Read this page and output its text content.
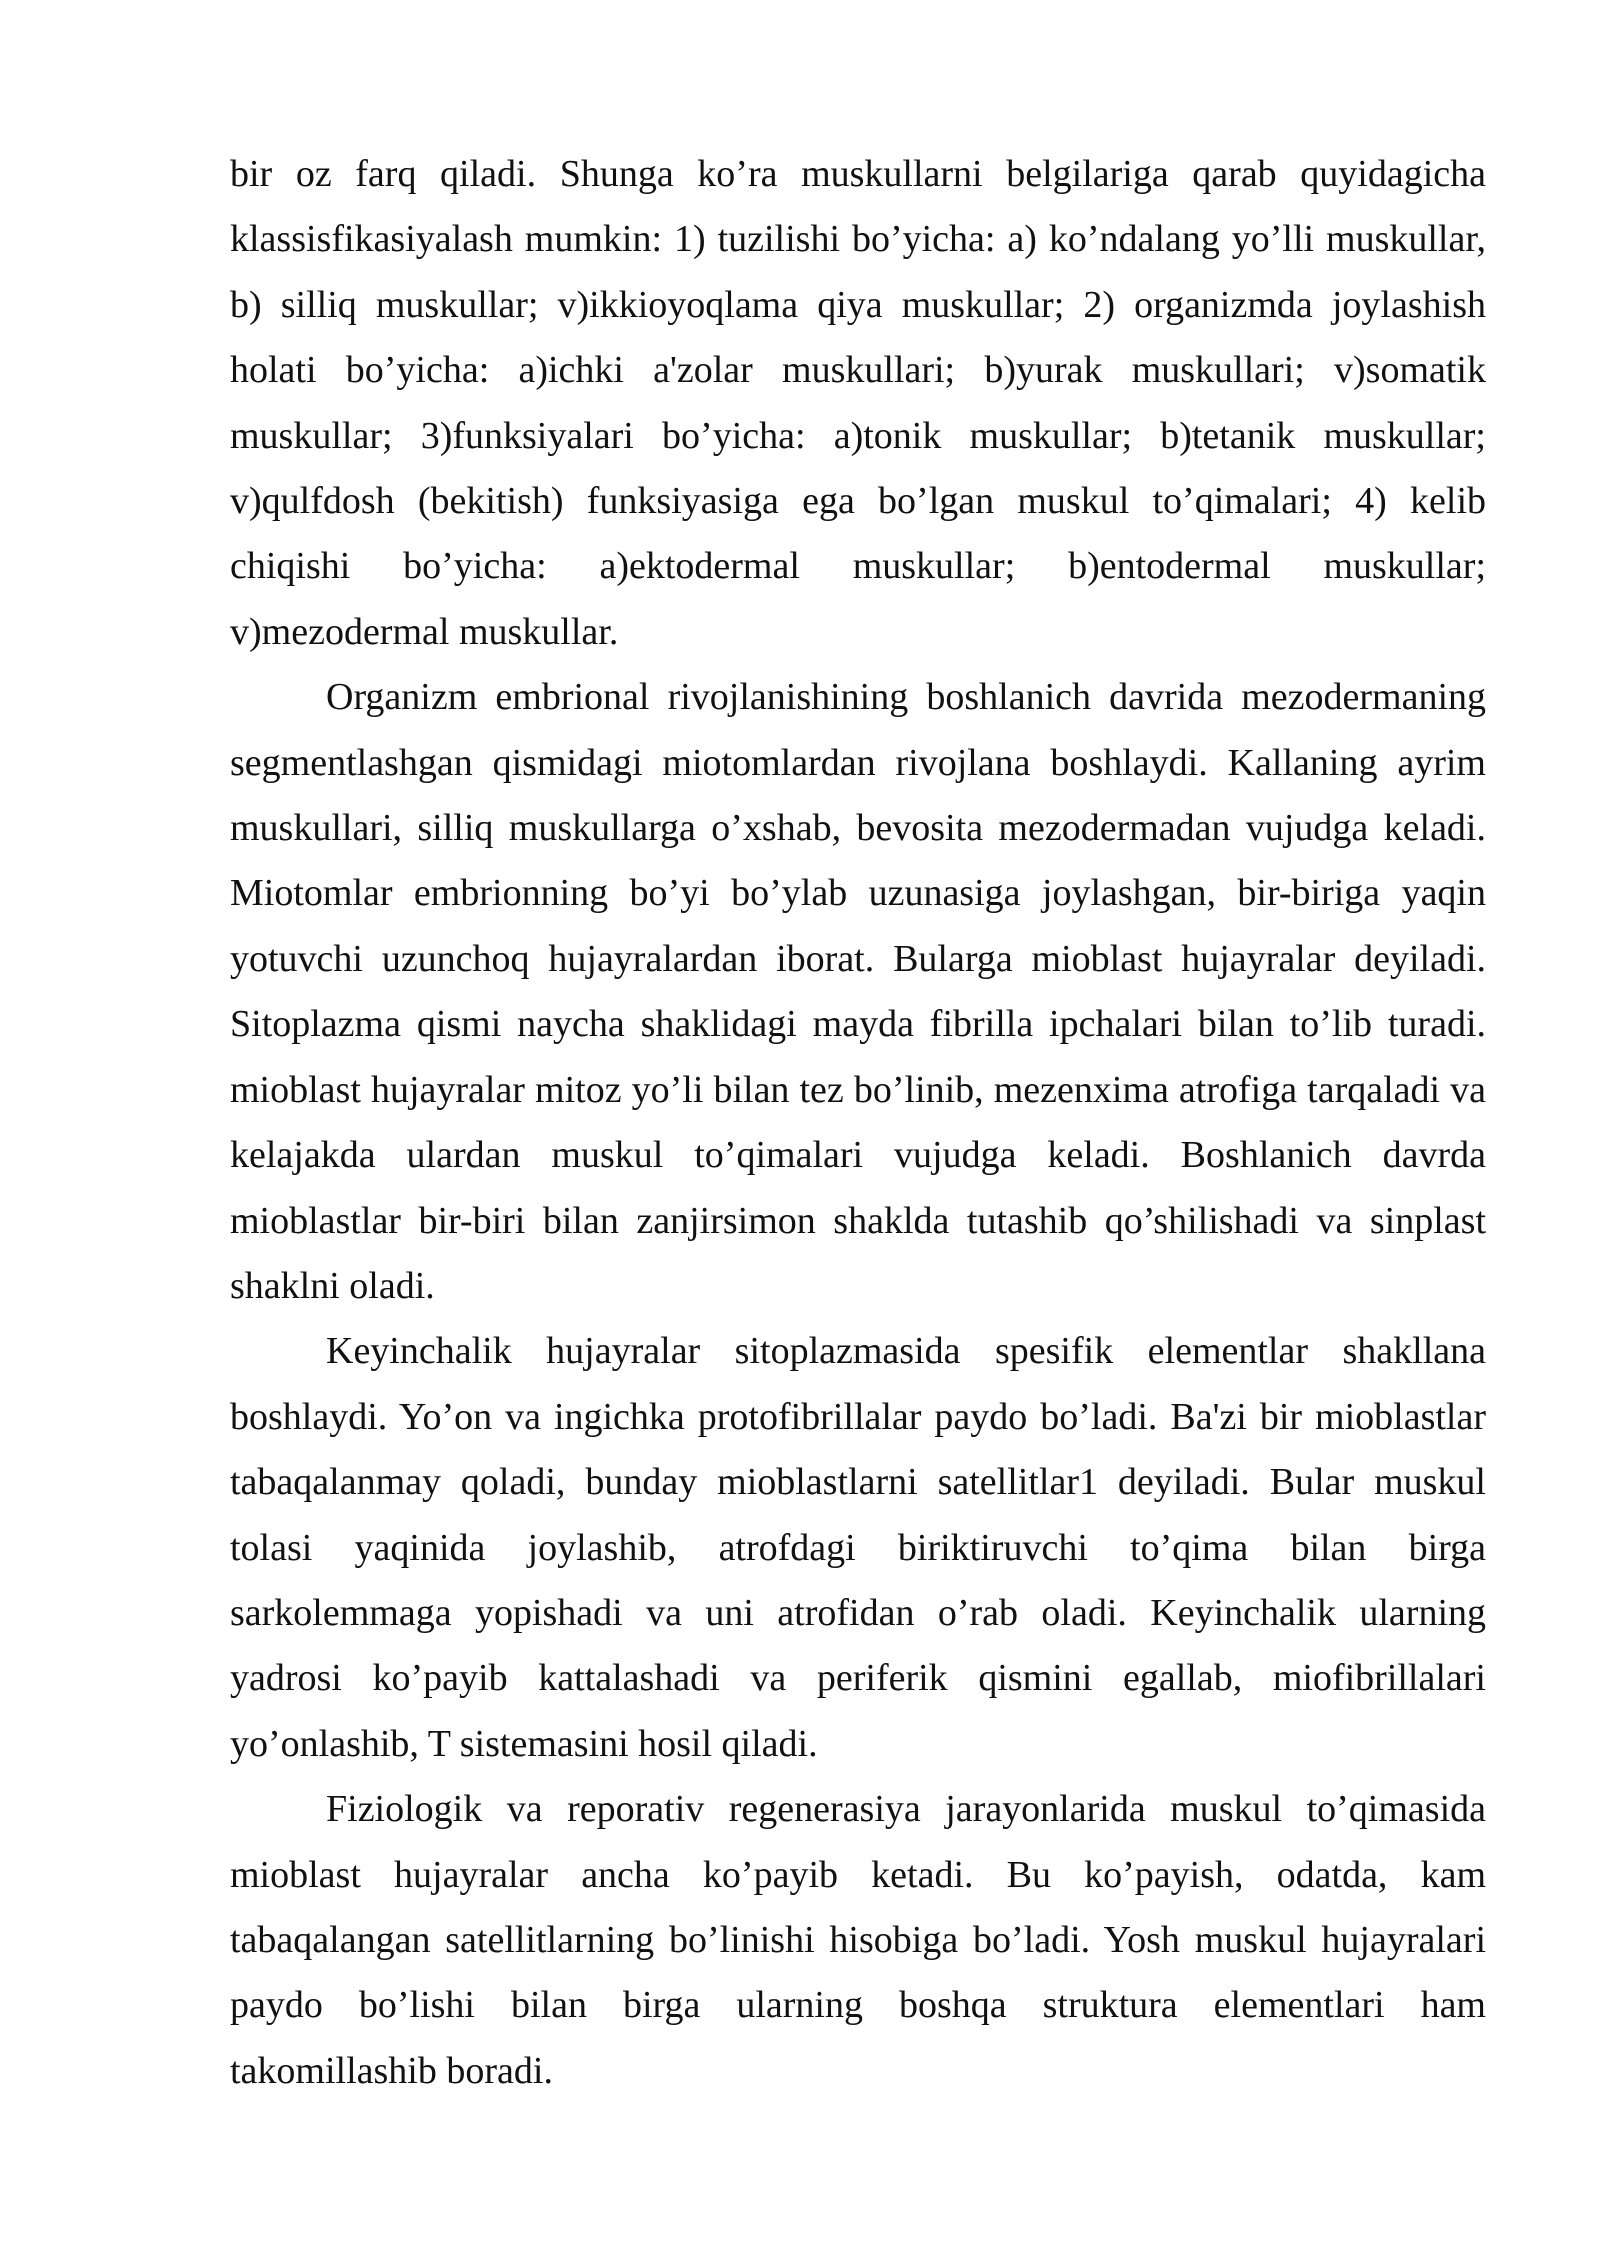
bir oz farq qiladi. Shunga ko’ra muskullarni belgilariga qarab quyidagicha klassisfikasiyalash mumkin: 1) tuzilishi bo’yicha: a) ko’ndalang yo’lli muskullar, b) silliq muskullar; v)ikkioyoqlama qiya muskullar; 2) organizmda joylashish holati bo’yicha: a)ichki a'zolar muskullari; b)yurak muskullari; v)somatik muskullar; 3)funksiyalari bo’yicha: a)tonik muskullar; b)tetanik muskullar; v)qulfdosh (bekitish) funksiyasiga ega bo’lgan muskul to’qimalari; 4) kelib chiqishi bo’yicha: a)ektodermal muskullar; b)entodermal muskullar; v)mezodermal muskullar.

Organizm embrional rivojlanishining boshlanich davrida mezodermaning segmentlashgan qismidagi miotomlardan rivojlana boshlaydi. Kallaning ayrim muskullari, silliq muskullarga o’xshab, bevosita mezodermadan vujudga keladi. Miotomlar embrionning bo’yi bo’ylab uzunasiga joylashgan, bir-biriga yaqin yotuvchi uzunchoq hujayralardan iborat. Bularga mioblast hujayralar deyiladi. Sitoplazma qismi naycha shaklidagi mayda fibrilla ipchalari bilan to’lib turadi. mioblast hujayralar mitoz yo’li bilan tez bo’linib, mezenxima atrofiga tarqaladi va kelajakda ulardan muskul to’qimalari vujudga keladi. Boshlanich davrda mioblastlar bir-biri bilan zanjirsimon shaklda tutashib qo’shilishadi va sinplast shaklni oladi.

Keyinchalik hujayralar sitoplazmasida spesifik elementlar shakllana boshlaydi. Yo’on va ingichka protofibrillalar paydo bo’ladi. Ba'zi bir mioblastlar tabaqalanmay qoladi, bunday mioblastlarni satellitlar1 deyiladi. Bular muskul tolasi yaqinida joylashib, atrofdagi biriktiruvchi to’qima bilan birga sarkolemmaga yopishadi va uni atrofidan o’rab oladi. Keyinchalik ularning yadrosi ko’payib kattalashadi va periferik qismini egallab, miofibrillalari yo’onlashib, T sistemasini hosil qiladi.

Fiziologik va reporativ regenerasiya jarayonlarida muskul to’qimasida mioblast hujayralar ancha ko’payib ketadi. Bu ko’payish, odatda, kam tabaqalangan satellitlarning bo’linishi hisobiga bo’ladi. Yosh muskul hujayralari paydo bo’lishi bilan birga ularning boshqa struktura elementlari ham takomillashib boradi.
